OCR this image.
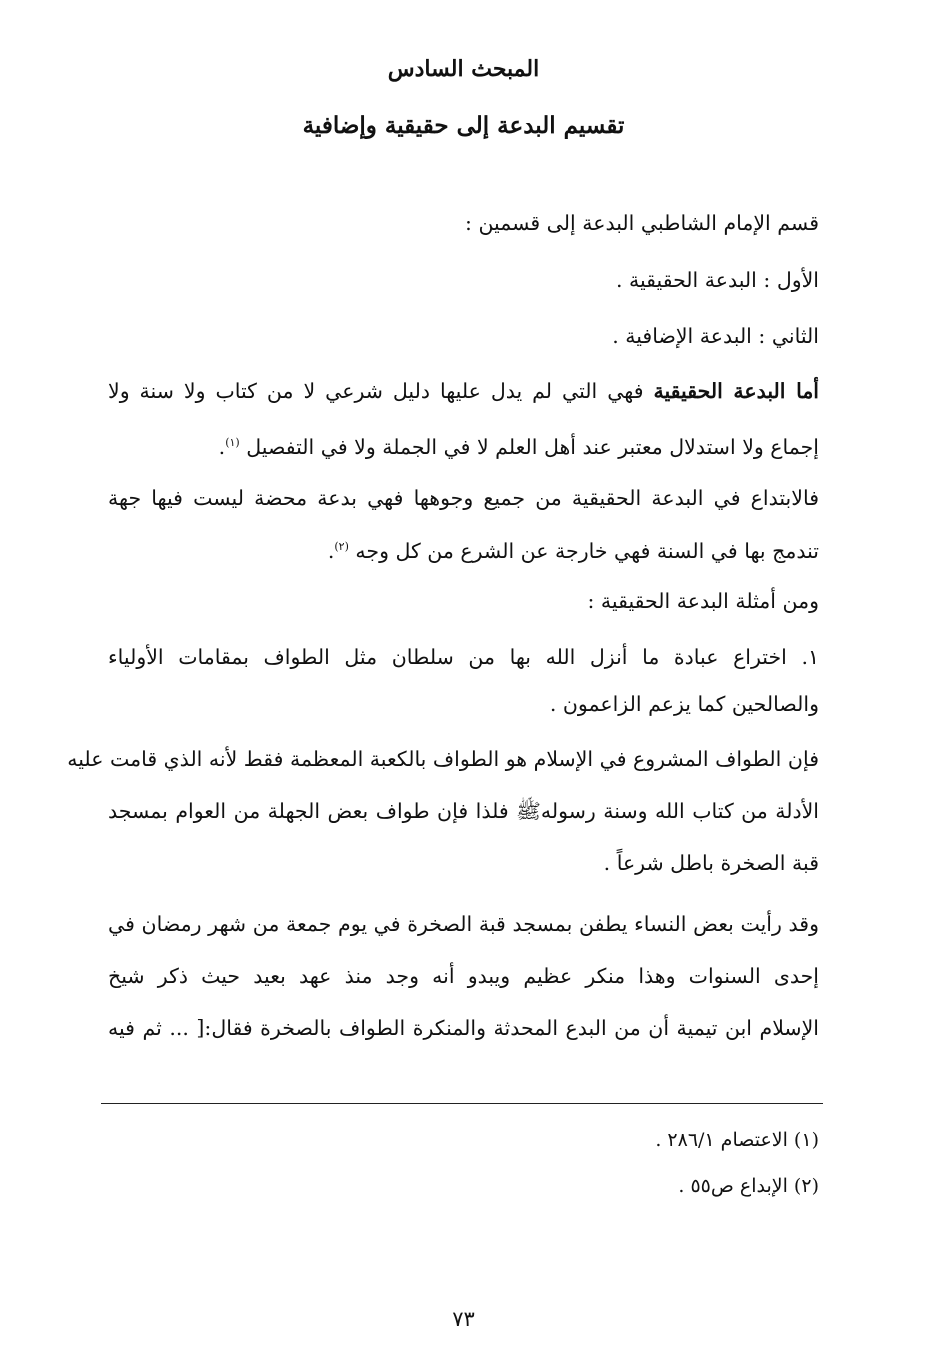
المبحث السادس
تقسيم البدعة إلى حقيقية وإضافية
قسم الإمام الشاطبي البدعة إلى قسمين :
الأول : البدعة الحقيقية .
الثاني : البدعة الإضافية .
أما البدعة الحقيقية فهي التي لم يدل عليها دليل شرعي لا من كتاب ولا سنة ولا
إجماع ولا استدلال معتبر عند أهل العلم لا في الجملة ولا في التفصيل $^{(١)}$.
فالابتداع في البدعة الحقيقية من جميع وجوهها فهي بدعة محضة ليست فيها جهة
تندمج بها في السنة فهي خارجة عن الشرع من كل وجه $^{(٢)}$.
ومن أمثلة البدعة الحقيقية :
١. اختراع عبادة ما أنزل الله بها من سلطان مثل الطواف بمقامات الأولياء
والصالحين كما يزعم الزاعمون .
فإن الطواف المشروع في الإسلام هو الطواف بالكعبة المعظمة فقط لأنه الذي قامت عليه
الأدلة من كتاب الله وسنة رسولهﷺ فلذا فإن طواف بعض الجهلة من العوام بمسجد
قبة الصخرة باطل شرعاً .
وقد رأيت بعض النساء يطفن بمسجد قبة الصخرة في يوم جمعة من شهر رمضان في
إحدى السنوات وهذا منكر عظيم ويبدو أنه وجد منذ عهد بعيد حيث ذكر شيخ
الإسلام ابن تيمية أن من البدع المحدثة والمنكرة الطواف بالصخرة فقال:[ ... ثم فيه
(١) الاعتصام ٢٨٦/١ .
(٢) الإبداع ص٥٥ .
٧٣
